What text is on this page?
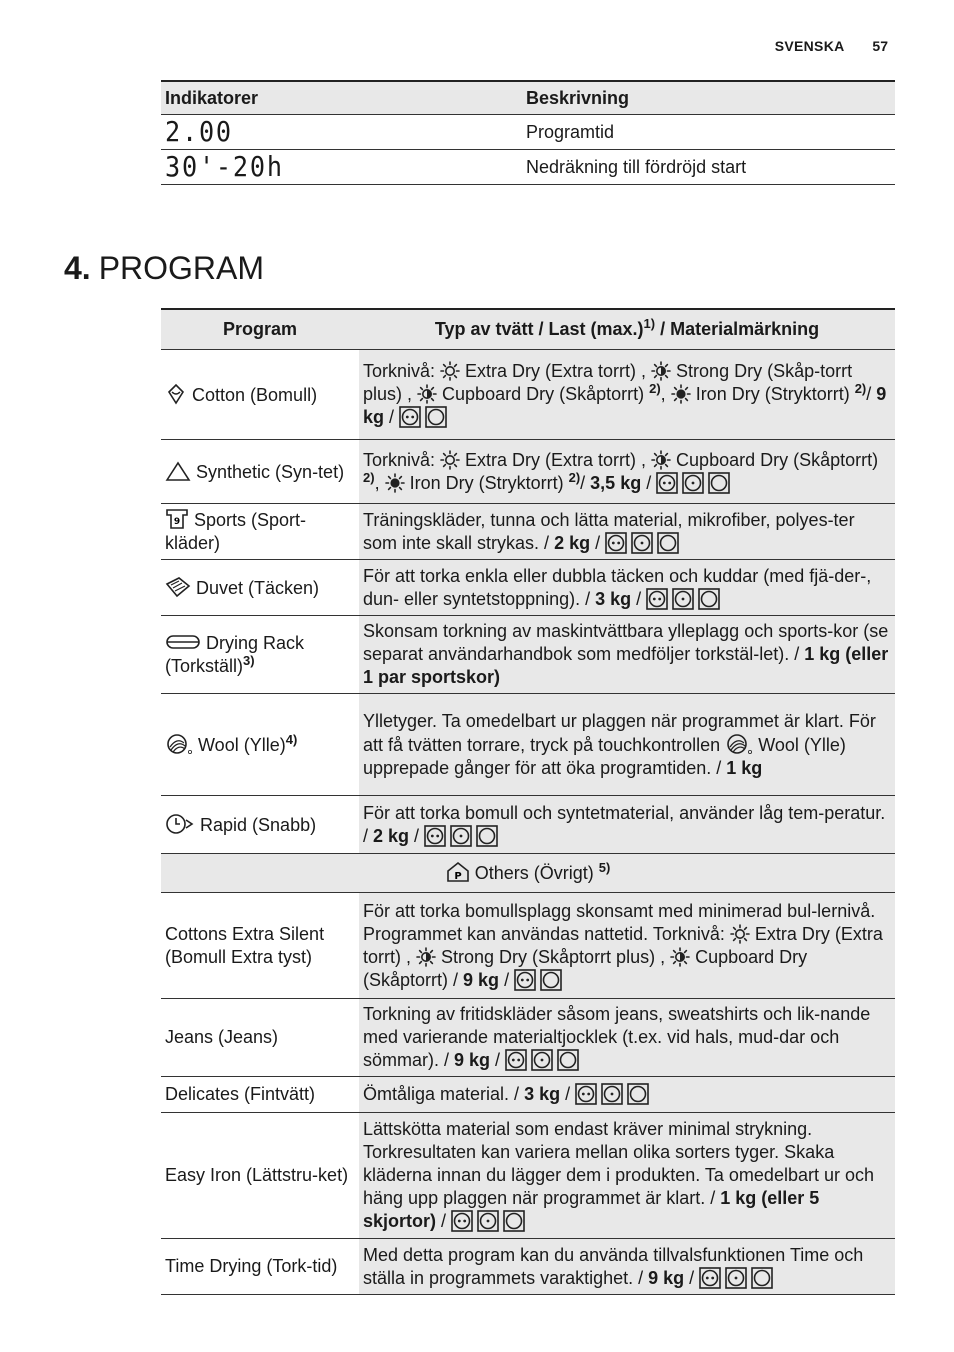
SVENSKA 57
Indikatorer	Beskrivning
2.00	Programtid
30'-20h	Nedräkning till fördröjd start
4. PROGRAM
Program	Typ av tvätt / Last $(\max.)^{1)}$ / Materialmärkning
Cotton (Bomull)	Torknivå:  Extra Dry (Extra torrt) ,  Strong Dry (Skåp-torrt plus) ,  Cupboard Dry (Skåptorrt) $^{2)}$,  Iron Dry (Stryktorrt) $^{2)}$/ 9 kg /

Synthetic (Syn-tet)	Torknivå:  Extra Dry (Extra torrt) ,  Cupboard Dry (Skåptorrt) $^{2)}$,  Iron Dry (Stryktorrt) $^{2)}$/ 3,5 kg /

9 Sports (Sport-kläder)	Träningskläder, tunna och lätta material, mikrofiber, polyes-ter som inte skall strykas. / 2 kg /

Duvet (Täcken)	För att torka enkla eller dubbla täcken och kuddar (med fjä-der-, dun- eller syntetstoppning). / 3 kg /

Drying Rack (Torkställ)$^{3)}$	Skonsam torkning av maskintvättbara ylleplagg och sports-kor (se separat användarhandbok som medföljer torkstäl-let). / 1 kg (eller 1 par sportskor)
Wool (Ylle)$^{4)}$	Ylletyger. Ta omedelbart ur plaggen när programmet är klart. För att få tvätten torrare, tryck på touchkontrollen  Wool (Ylle) upprepade gånger för att öka programtiden. / 1 kg
Rapid (Snabb)	För att torka bomull och syntetmaterial, använder låg tem-peratur. / 2 kg /

P Others (Övrigt) $^{5)}$
Cottons Extra Silent (Bomull Extra tyst)	För att torka bomullsplagg skonsamt med minimerad bul-lernivå. Programmet kan användas nattetid. Torknivå:  Extra Dry (Extra torrt) ,  Strong Dry (Skåptorrt plus) ,  Cupboard Dry (Skåptorrt) / 9 kg /

Jeans (Jeans)	Torkning av fritidskläder såsom jeans, sweatshirts och lik-nande med varierande materialtjocklek (t.ex. vid hals, mud-dar och sömmar). / 9 kg /

Delicates (Fintvätt)	Ömtåliga material. / 3 kg /

Easy Iron (Lättstru-ket)	Lättskötta material som endast kräver minimal strykning. Torkresultaten kan variera mellan olika sorters tyger. Skaka kläderna innan du lägger dem i produkten. Ta omedelbart ur och häng upp plaggen när programmet är klart. / 1 kg (eller 5 skjortor) /

Time Drying (Tork-tid)	Med detta program kan du använda tillvalsfunktionen Time och ställa in programmets varaktighet. / 9 kg /
